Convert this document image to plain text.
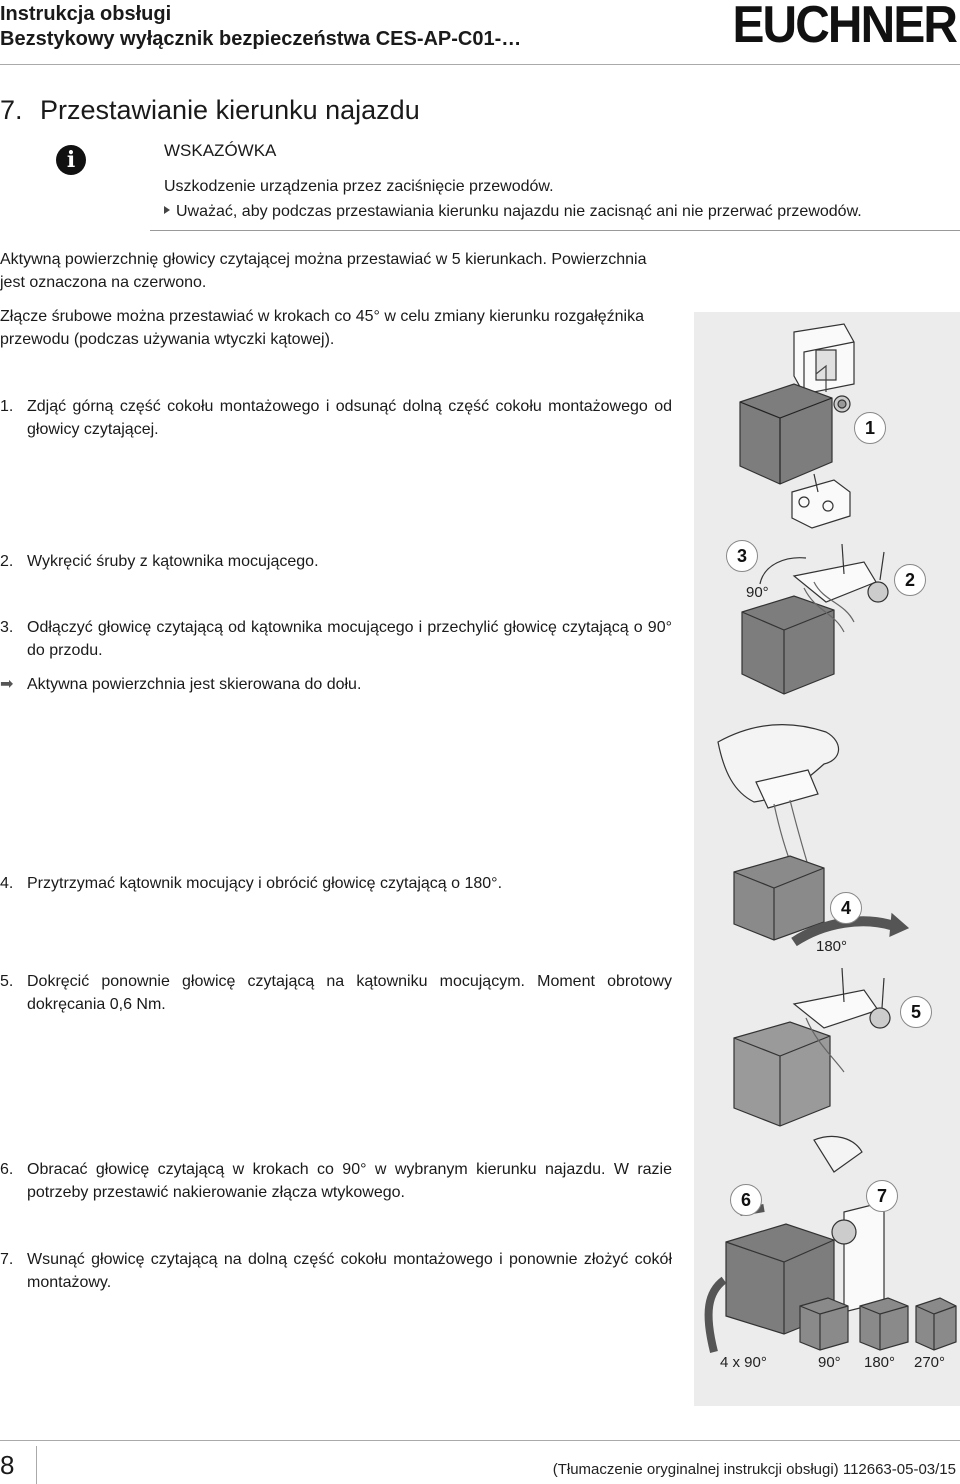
Instrukcja obsługi
Bezstykowy wyłącznik bezpieczeństwa CES-AP-C01-…	EUCHNER
7. Przestawianie kierunku najazdu
i	WSKAZÓWKA
Uszkodzenie urządzenia przez zaciśnięcie przewodów.
Uważać, aby podczas przestawiania kierunku najazdu nie zacisnąć ani nie przerwać przewodów.
Aktywną powierzchnię głowicy czytającej można przestawiać w 5 kierunkach. Powierzchnia
jest oznaczona na czerwono.
Złącze śrubowe można przestawiać w krokach co 45° w celu zmiany kierunku rozgałęźnika
przewodu (podczas używania wtyczki kątowej).
1. Zdjąć górną część cokołu montażowego i odsunąć dolną część cokołu montażowego od głowicy czytającej.
2. Wykręcić śruby z kątownika mocującego.
3. Odłączyć głowicę czytającą od kątownika mocującego i przechylić głowicę czytającą o 90° do przodu.
➡ Aktywna powierzchnia jest skierowana do dołu.
4. Przytrzymać kątownik mocujący i obrócić głowicę czytającą o 180°.
5. Dokręcić ponownie głowicę czytającą na kątowniku mocującym. Moment obrotowy dokręcania 0,6 Nm.
6. Obracać głowicę czytającą w krokach co 90° w wybranym kierunku najazdu. W razie potrzeby przestawić nakierowanie złącza wtykowego.
7. Wsunąć głowicę czytającą na dolną część cokołu montażowego i ponownie złożyć cokół montażowy.
1
2
3
90°
4
180°
5
6	7
4 x 90°	90° 180° 270°
8	(Tłumaczenie oryginalnej instrukcji obsługi) 112663-05-03/15
